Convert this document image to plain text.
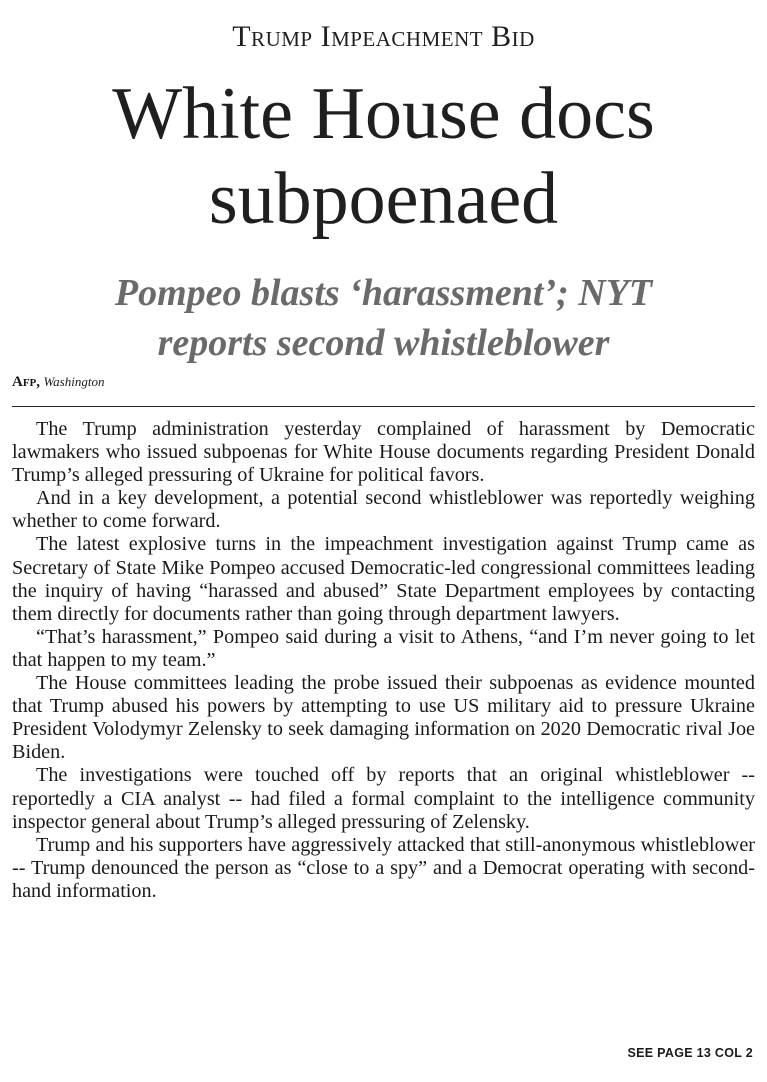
Trump Impeachment Bid
White House docs
subpoenaed
Pompeo blasts ‘harassment’; NYT
reports second whistleblower
Afp, Washington

The Trump administration yesterday complained of harassment by Democratic lawmakers who issued subpoenas for White House documents regarding President Donald Trump’s alleged pressuring of Ukraine for political favors.

And in a key development, a potential second whistleblower was reportedly weighing whether to come forward.

The latest explosive turns in the impeachment investigation against Trump came as Secretary of State Mike Pompeo accused Democratic-led congressional committees leading the inquiry of having “harassed and abused” State Department employees by contacting them directly for documents rather than going through department lawyers.

“That’s harassment,” Pompeo said during a visit to Athens, “and I’m never going to let that happen to my team.”

The House committees leading the probe issued their subpoenas as evidence mounted that Trump abused his powers by attempting to use US military aid to pressure Ukraine President Volodymyr Zelensky to seek damaging information on 2020 Democratic rival Joe Biden.

The investigations were touched off by reports that an original whistleblower -- reportedly a CIA analyst -- had filed a formal complaint to the intelligence community inspector general about Trump’s alleged pressuring of Zelensky.

Trump and his supporters have aggressively attacked that still-anonymous whistleblower -- Trump denounced the person as “close to a spy” and a Democrat operating with second-hand information.

SEE PAGE 13 COL 2
